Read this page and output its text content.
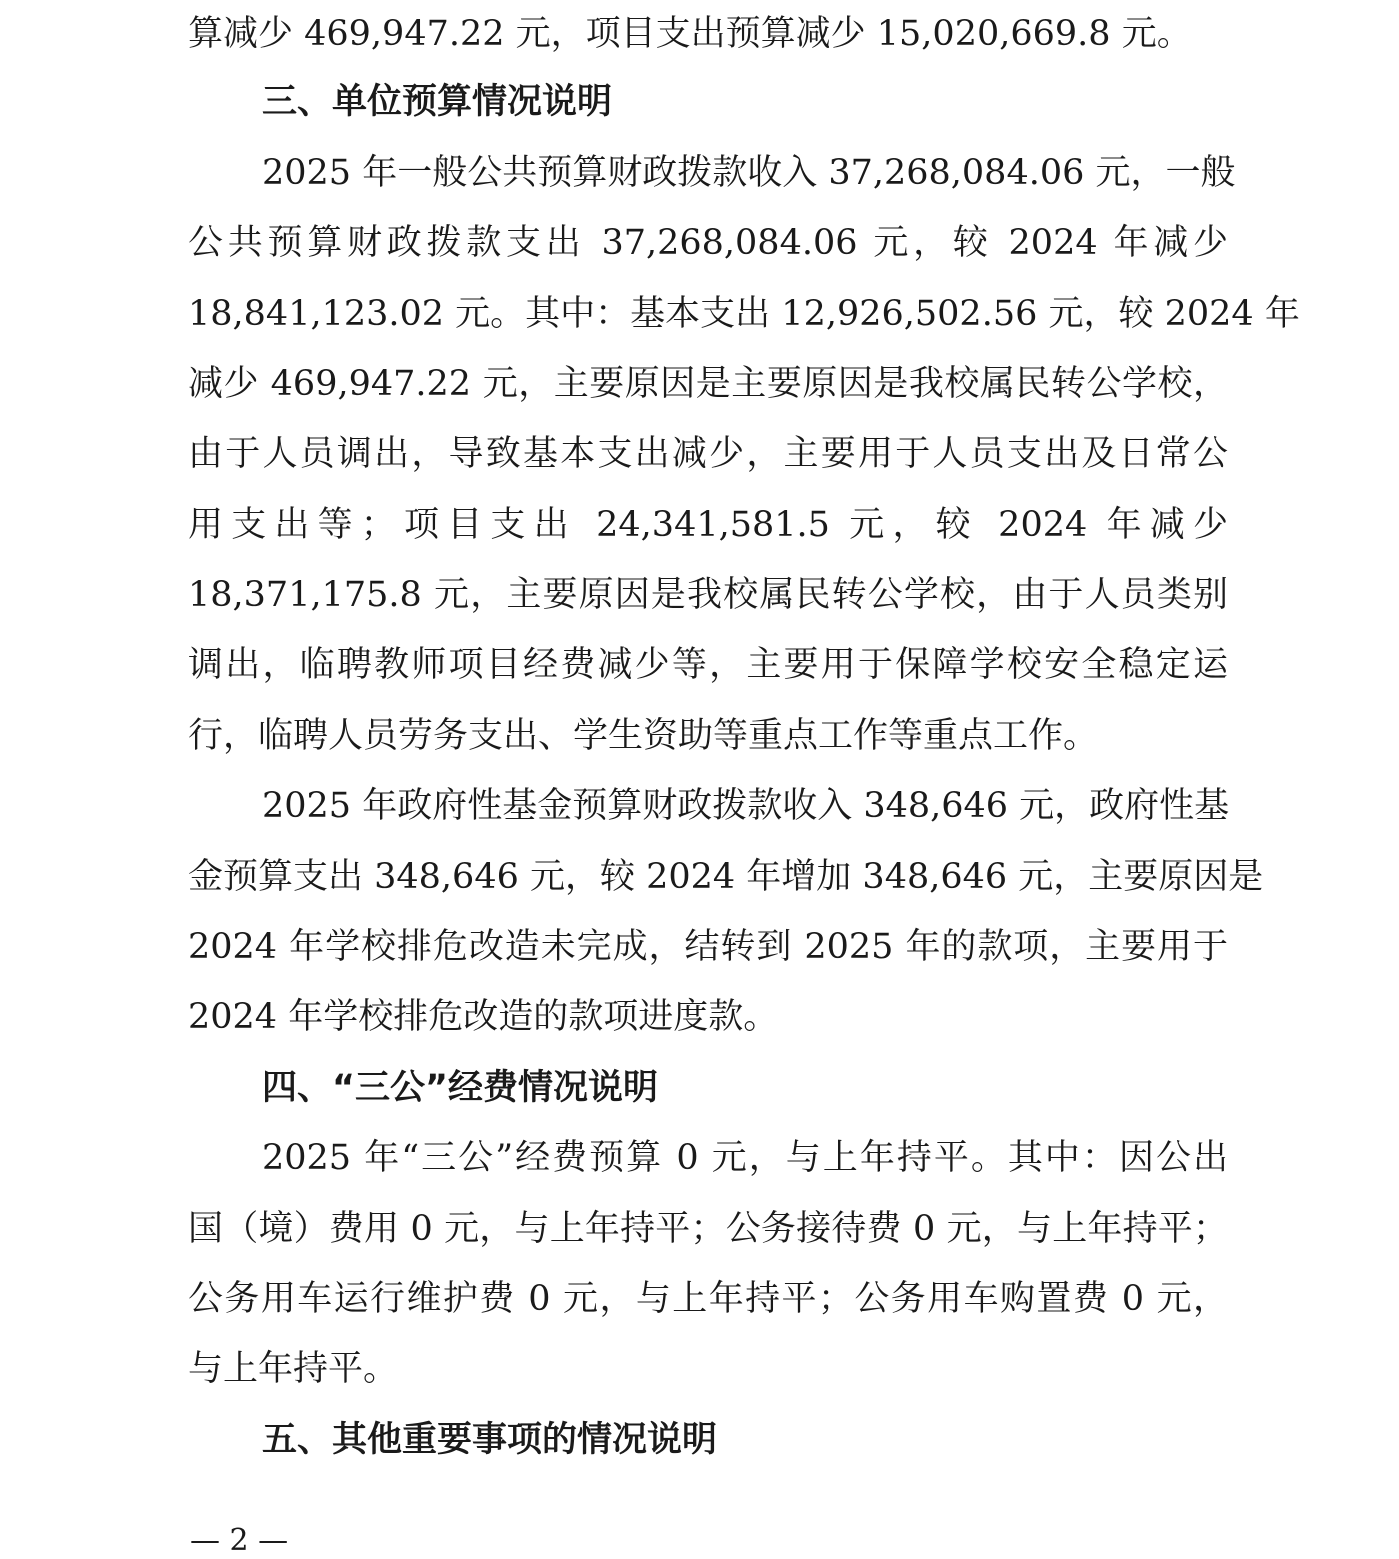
算减少 469,947.22 元，项目支出预算减少 15,020,669.8 元。
三、单位预算情况说明
2025 年一般公共预算财政拨款收入 37,268,084.06 元，一般
公共预算财政拨款支出 37,268,084.06 元，较 2024 年减少
18,841,123.02 元。其中：基本支出 12,926,502.56 元，较 2024 年
减少 469,947.22 元，主要原因是主要原因是我校属民转公学校，
由于人员调出，导致基本支出减少，主要用于人员支出及日常公
用支出等；项目支出 24,341,581.5 元，较 2024 年减少
18,371,175.8 元，主要原因是我校属民转公学校，由于人员类别
调出，临聘教师项目经费减少等，主要用于保障学校安全稳定运
行，临聘人员劳务支出、学生资助等重点工作等重点工作。
2025 年政府性基金预算财政拨款收入 348,646 元，政府性基
金预算支出 348,646 元，较 2024 年增加 348,646 元，主要原因是
2024 年学校排危改造未完成，结转到 2025 年的款项，主要用于
2024 年学校排危改造的款项进度款。
四、“三公”经费情况说明
2025 年“三公”经费预算 0 元，与上年持平。其中：因公出
国（境）费用 0 元，与上年持平；公务接待费 0 元，与上年持平；
公务用车运行维护费 0 元，与上年持平；公务用车购置费 0 元，
与上年持平。
五、其他重要事项的情况说明
— 2 —
